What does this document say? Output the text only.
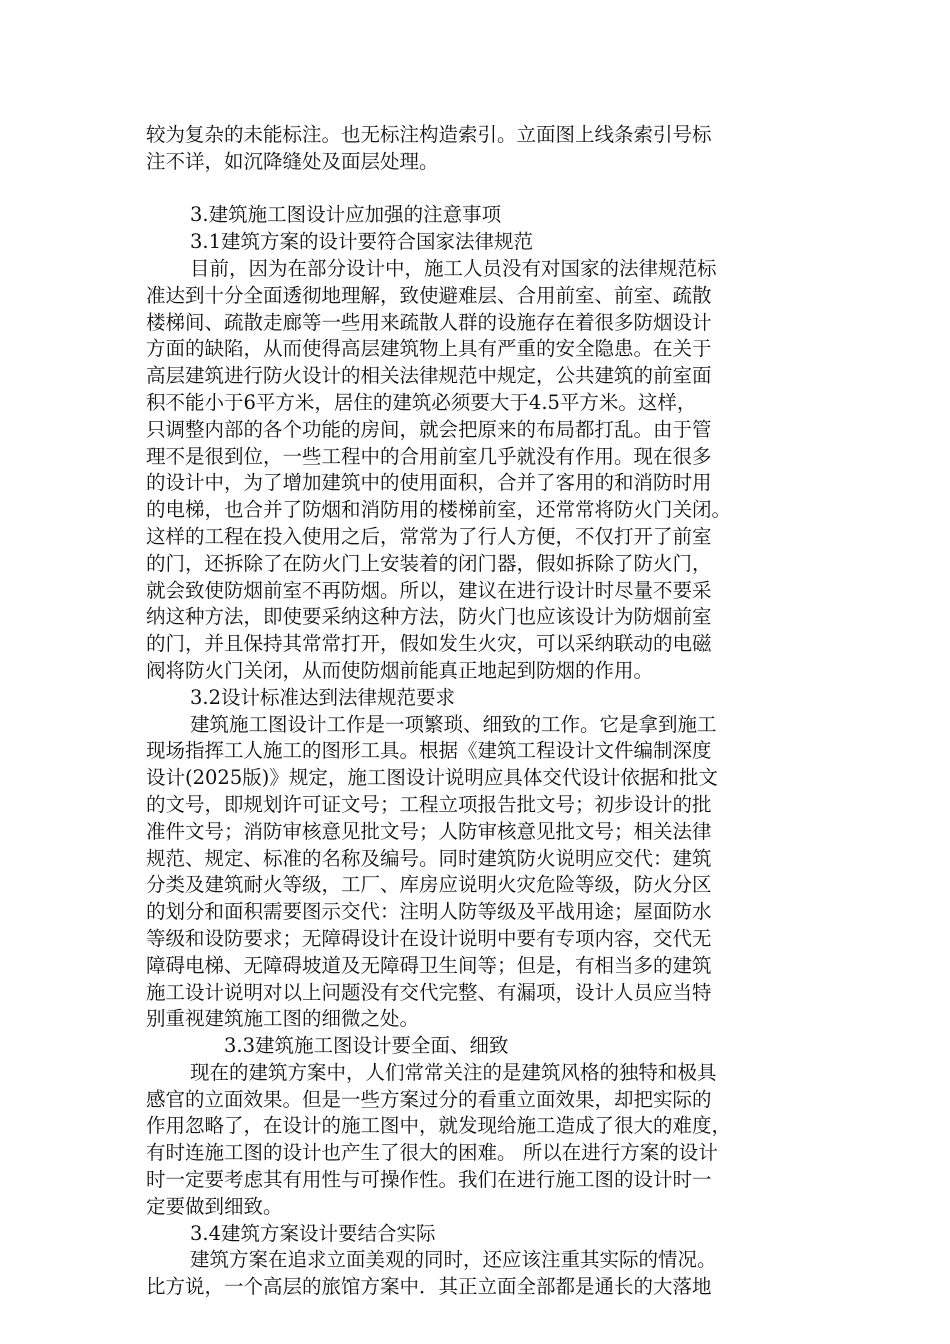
较为复杂的未能标注。也无标注构造索引。立面图上线条索引号标
注不详，如沉降缝处及面层处理。
3.建筑施工图设计应加强的注意事项
3.1建筑方案的设计要符合国家法律规范
目前，因为在部分设计中，施工人员没有对国家的法律规范标
准达到十分全面透彻地理解，致使避难层、合用前室、前室、疏散
楼梯间、疏散走廊等一些用来疏散人群的设施存在着很多防烟设计
方面的缺陷，从而使得高层建筑物上具有严重的安全隐患。在关于
高层建筑进行防火设计的相关法律规范中规定，公共建筑的前室面
积不能小于6平方米，居住的建筑必须要大于4.5平方米。这样，
只调整内部的各个功能的房间，就会把原来的布局都打乱。由于管
理不是很到位，一些工程中的合用前室几乎就没有作用。现在很多
的设计中，为了增加建筑中的使用面积，合并了客用的和消防时用
的电梯，也合并了防烟和消防用的楼梯前室，还常常将防火门关闭。
这样的工程在投入使用之后，常常为了行人方便，不仅打开了前室
的门，还拆除了在防火门上安装着的闭门器，假如拆除了防火门，
就会致使防烟前室不再防烟。所以，建议在进行设计时尽量不要采
纳这种方法，即使要采纳这种方法，防火门也应该设计为防烟前室
的门，并且保持其常常打开，假如发生火灾，可以采纳联动的电磁
阀将防火门关闭，从而使防烟前能真正地起到防烟的作用。
3.2设计标准达到法律规范要求
建筑施工图设计工作是一项繁琐、细致的工作。它是拿到施工
现场指挥工人施工的图形工具。根据《建筑工程设计文件编制深度
设计(2025版)》规定，施工图设计说明应具体交代设计依据和批文
的文号，即规划许可证文号；工程立项报告批文号；初步设计的批
准件文号；消防审核意见批文号；人防审核意见批文号；相关法律
规范、规定、标准的名称及编号。同时建筑防火说明应交代：建筑
分类及建筑耐火等级，工厂、库房应说明火灾危险等级，防火分区
的划分和面积需要图示交代：注明人防等级及平战用途；屋面防水
等级和设防要求；无障碍设计在设计说明中要有专项内容，交代无
障碍电梯、无障碍坡道及无障碍卫生间等；但是，有相当多的建筑
施工设计说明对以上问题没有交代完整、有漏项，设计人员应当特
别重视建筑施工图的细微之处。
3.3建筑施工图设计要全面、细致
现在的建筑方案中，人们常常关注的是建筑风格的独特和极具
感官的立面效果。但是一些方案过分的看重立面效果，却把实际的
作用忽略了，在设计的施工图中，就发现给施工造成了很大的难度，
有时连施工图的设计也产生了很大的困难。 所以在进行方案的设计
时一定要考虑其有用性与可操作性。我们在进行施工图的设计时一
定要做到细致。
3.4建筑方案设计要结合实际
建筑方案在追求立面美观的同时，还应该注重其实际的情况。
比方说，一个高层的旅馆方案中．其正立面全部都是通长的大落地
